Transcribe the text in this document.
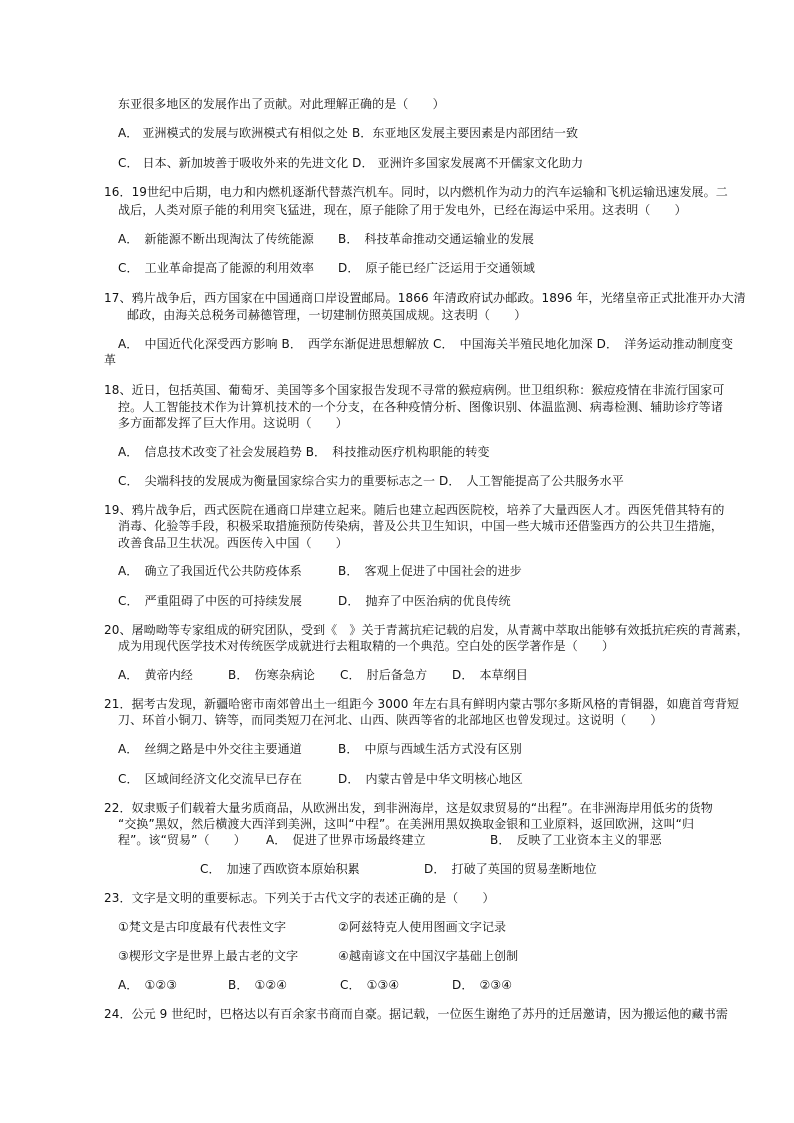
东亚很多地区的发展作出了贡献。对此理解正确的是（　　）
A． 亚洲模式的发展与欧洲模式有相似之处 B．东亚地区发展主要因素是内部团结一致
C． 日本、新加坡善于吸收外来的先进文化 D． 亚洲许多国家发展离不开儒家文化助力
16．19世纪中后期，电力和内燃机逐渐代替蒸汽机车。同时，以内燃机作为动力的汽车运输和飞机运输迅速发展。二
战后，人类对原子能的利用突飞猛进，现在，原子能除了用于发电外，已经在海运中采用。这表明（　　）
A．　新能源不断出现淘汰了传统能源 B．　科技革命推动交通运输业的发展
C．　工业革命提高了能源的利用效率 D．　原子能已经广泛运用于交通领域
17、鸦片战争后，西方国家在中国通商口岸设置邮局。1866 年清政府试办邮政。1896 年，光绪皇帝正式批准开办大清
邮政，由海关总税务司赫德管理，一切建制仿照英国成规。这表明（　　）
A．　中国近代化深受西方影响 B．　西学东渐促进思想解放 C．　中国海关半殖民地化加深 D．　洋务运动推动制度变
革
18、近日，包括英国、葡萄牙、美国等多个国家报告发现不寻常的猴痘病例。世卫组织称：猴痘疫情在非流行国家可
控。人工智能技术作为计算机技术的一个分支，在各种疫情分析、图像识别、体温监测、病毒检测、辅助诊疗等诸
多方面都发挥了巨大作用。这说明（　　）
A．　信息技术改变了社会发展趋势 B．　科技推动医疗机构职能的转变
C．　尖端科技的发展成为衡量国家综合实力的重要标志之一 D．　人工智能提高了公共服务水平
19、鸦片战争后，西式医院在通商口岸建立起来。随后也建立起西医院校，培养了大量西医人才。西医凭借其特有的
消毒、化验等手段，积极采取措施预防传染病，普及公共卫生知识，中国一些大城市还借鉴西方的公共卫生措施，
改善食品卫生状况。西医传入中国（　　）
A．　确立了我国近代公共防疫体系	B．　客观上促进了中国社会的进步
C．　严重阻碍了中医的可持续发展	D．　抛弃了中医治病的优良传统
20、屠呦呦等专家组成的研究团队，受到《　》关于青蒿抗疟记载的启发，从青蒿中萃取出能够有效抵抗疟疾的青蒿素，
成为用现代医学技术对传统医学成就进行去粗取精的一个典范。空白处的医学著作是（　　）
A．　黄帝内经	B．　伤寒杂病论 C．　肘后备急方 D．　本草纲目
21．据考古发现，新疆哈密市南郊曾出土一组距今 3000 年左右具有鲜明内蒙古鄂尔多斯风格的青铜器，如鹿首弯背短
刀、环首小铜刀、锛等，而同类短刀在河北、山西、陕西等省的北部地区也曾发现过。这说明（　　）
A．　丝绸之路是中外交往主要通道	B．　中原与西域生活方式没有区别
C．　区域间经济文化交流早已存在	D．　内蒙古曾是中华文明核心地区
22．奴隶贩子们载着大量劣质商品，从欧洲出发，到非洲海岸，这是奴隶贸易的“出程”。在非洲海岸用低劣的货物
“交换”黑奴，然后横渡大西洋到美洲，这叫“中程”。在美洲用黑奴换取金银和工业原料，返回欧洲，这叫“归
程”。该“贸易”（　　） A．　促进了世界市场最终建立	B．　反映了工业资本主义的罪恶
C．　加速了西欧资本原始积累	D．　打破了英国的贸易垄断地位
23．文字是文明的重要标志。下列关于古代文字的表述正确的是（　　）
①梵文是古印度最有代表性文字	②阿兹特克人使用图画文字记录
③楔形文字是世界上最古老的文字	④越南谚文在中国汉字基础上创制
A．　①②③	B．　①②④	C．　①③④	D．　②③④
24．公元 9 世纪时，巴格达以有百余家书商而自豪。据记载，一位医生谢绝了苏丹的迁居邀请，因为搬运他的藏书需
